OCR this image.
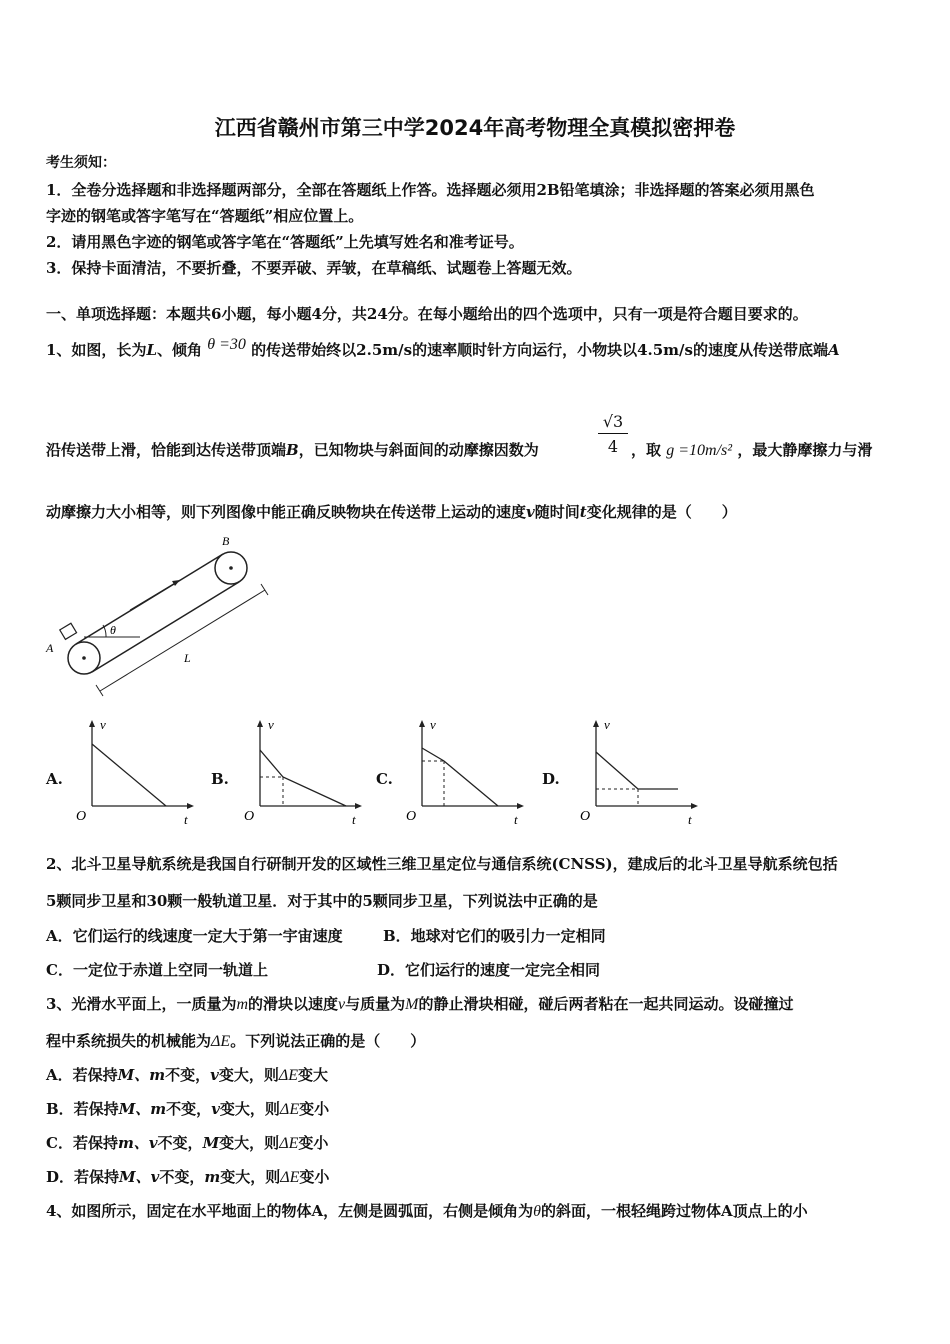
江西省赣州市第三中学2024年高考物理全真模拟密押卷
考生须知：
1．全卷分选择题和非选择题两部分，全部在答题纸上作答。选择题必须用2B铅笔填涂；非选择题的答案必须用黑色
字迹的钢笔或答字笔写在“答题纸”相应位置上。
2．请用黑色字迹的钢笔或答字笔在“答题纸”上先填写姓名和准考证号。
3．保持卡面清洁，不要折叠，不要弄破、弄皱，在草稿纸、试题卷上答题无效。
一、单项选择题：本题共6小题，每小题4分，共24分。在每小题给出的四个选项中，只有一项是符合题目要求的。
1、如图，长为L、倾角 θ =30 的传送带始终以2.5m/s的速率顺时针方向运行，小物块以4.5m/s的速度从传送带底端A
沿传送带上滑，恰能到达传送带顶端B，已知物块与斜面间的动摩擦因数为	$\frac{√3}{4}$ ，取 g =10m/s² ，最大静摩擦力与滑
动摩擦力大小相等，则下列图像中能正确反映物块在传送带上运动的速度v随时间t变化规律的是（　　）
A
B
θ
L
A.
v
O	t
B.
v
O	t
C.
v
O	t
D.
v
O	t
2、北斗卫星导航系统是我国自行研制开发的区域性三维卫星定位与通信系统(CNSS)，建成后的北斗卫星导航系统包括
5颗同步卫星和30颗一般轨道卫星．对于其中的5颗同步卫星，下列说法中正确的是
A．它们运行的线速度一定大于第一宇宙速度	B．地球对它们的吸引力一定相同
C．一定位于赤道上空同一轨道上	D．它们运行的速度一定完全相同
3、光滑水平面上，一质量为m的滑块以速度v与质量为M的静止滑块相碰，碰后两者粘在一起共同运动。设碰撞过
程中系统损失的机械能为ΔE。下列说法正确的是（　　）
A．若保持M、m不变，v变大，则ΔE变大
B．若保持M、m不变，v变大，则ΔE变小
C．若保持m、v不变，M变大，则ΔE变小
D．若保持M、v不变，m变大，则ΔE变小
4、如图所示，固定在水平地面上的物体A，左侧是圆弧面，右侧是倾角为θ的斜面，一根轻绳跨过物体A顶点上的小
